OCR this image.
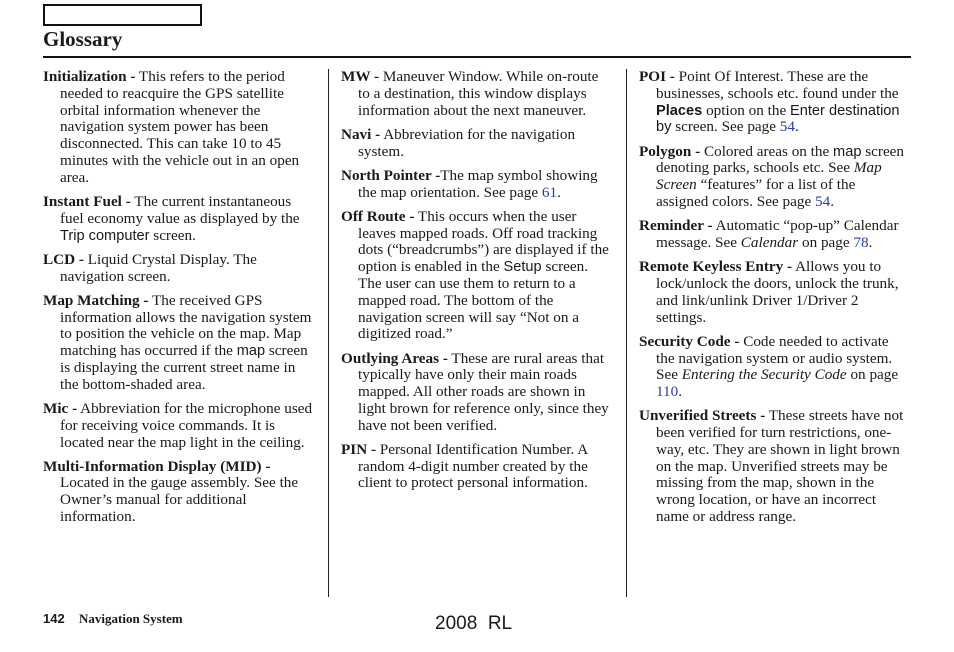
Glossary

Initialization - This refers to the period needed to reacquire the GPS satellite orbital information whenever the navigation system power has been disconnected. This can take 10 to 45 minutes with the vehicle out in an open area.

Instant Fuel - The current instantaneous fuel economy value as displayed by the Trip computer screen.

LCD - Liquid Crystal Display. The navigation screen.

Map Matching - The received GPS information allows the navigation system to position the vehicle on the map. Map matching has occurred if the map screen is displaying the current street name in the bottom-shaded area.

Mic - Abbreviation for the microphone used for receiving voice commands. It is located near the map light in the ceiling.

Multi-Information Display (MID) - Located in the gauge assembly. See the Owner’s manual for additional information.

MW - Maneuver Window. While on-route to a destination, this window displays information about the next maneuver.

Navi - Abbreviation for the navigation system.

North Pointer -The map symbol showing the map orientation. See page 61.

Off Route - This occurs when the user leaves mapped roads. Off road tracking dots (“breadcrumbs”) are displayed if the option is enabled in the Setup screen. The user can use them to return to a mapped road. The bottom of the navigation screen will say “Not on a digitized road.”

Outlying Areas - These are rural areas that typically have only their main roads mapped. All other roads are shown in light brown for reference only, since they have not been verified.

PIN - Personal Identification Number. A random 4-digit number created by the client to protect personal information.

POI - Point Of Interest. These are the businesses, schools etc. found under the Places option on the Enter destination by screen. See page 54.

Polygon - Colored areas on the map screen denoting parks, schools etc. See Map Screen “features” for a list of the assigned colors. See page 54.

Reminder - Automatic “pop-up” Calendar message. See Calendar on page 78.

Remote Keyless Entry - Allows you to lock/unlock the doors, unlock the trunk, and link/unlink Driver 1/Driver 2 settings.

Security Code - Code needed to activate the navigation system or audio system. See Entering the Security Code on page 110.

Unverified Streets - These streets have not been verified for turn restrictions, one-way, etc. They are shown in light brown on the map. Unverified streets may be missing from the map, shown in the wrong location, or have an incorrect name or address range.

142 Navigation System	2008  RL
